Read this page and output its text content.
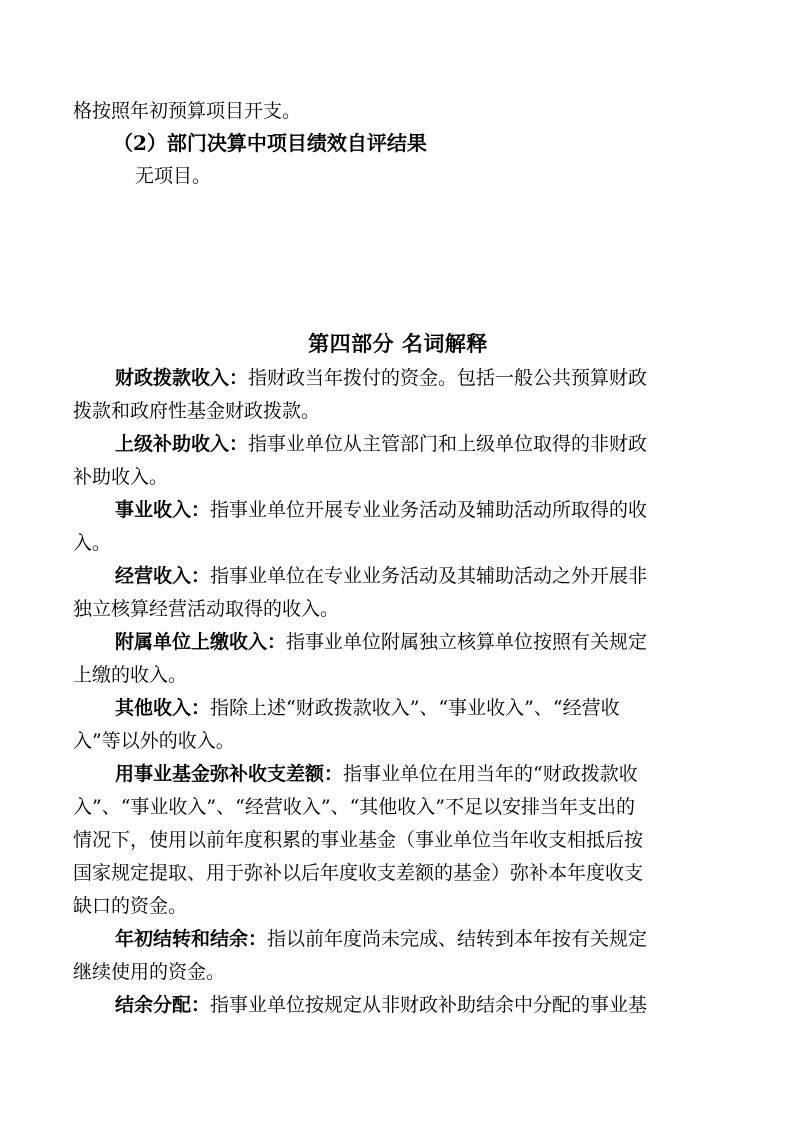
格按照年初预算项目开支。
（2）部门决算中项目绩效自评结果
无项目。
第四部分 名词解释

财政拨款收入：指财政当年拨付的资金。包括一般公共预算财政

拨款和政府性基金财政拨款。

上级补助收入：指事业单位从主管部门和上级单位取得的非财政

补助收入。

事业收入：指事业单位开展专业业务活动及辅助活动所取得的收

入。

经营收入：指事业单位在专业业务活动及其辅助活动之外开展非

独立核算经营活动取得的收入。

附属单位上缴收入：指事业单位附属独立核算单位按照有关规定

上缴的收入。

其他收入：指除上述“财政拨款收入”、“事业收入”、“经营收

入”等以外的收入。

用事业基金弥补收支差额：指事业单位在用当年的“财政拨款收

入”、“事业收入”、“经营收入”、“其他收入”不足以安排当年支出的

情况下，使用以前年度积累的事业基金（事业单位当年收支相抵后按

国家规定提取、用于弥补以后年度收支差额的基金）弥补本年度收支

缺口的资金。

年初结转和结余：指以前年度尚未完成、结转到本年按有关规定

继续使用的资金。

结余分配：指事业单位按规定从非财政补助结余中分配的事业基
